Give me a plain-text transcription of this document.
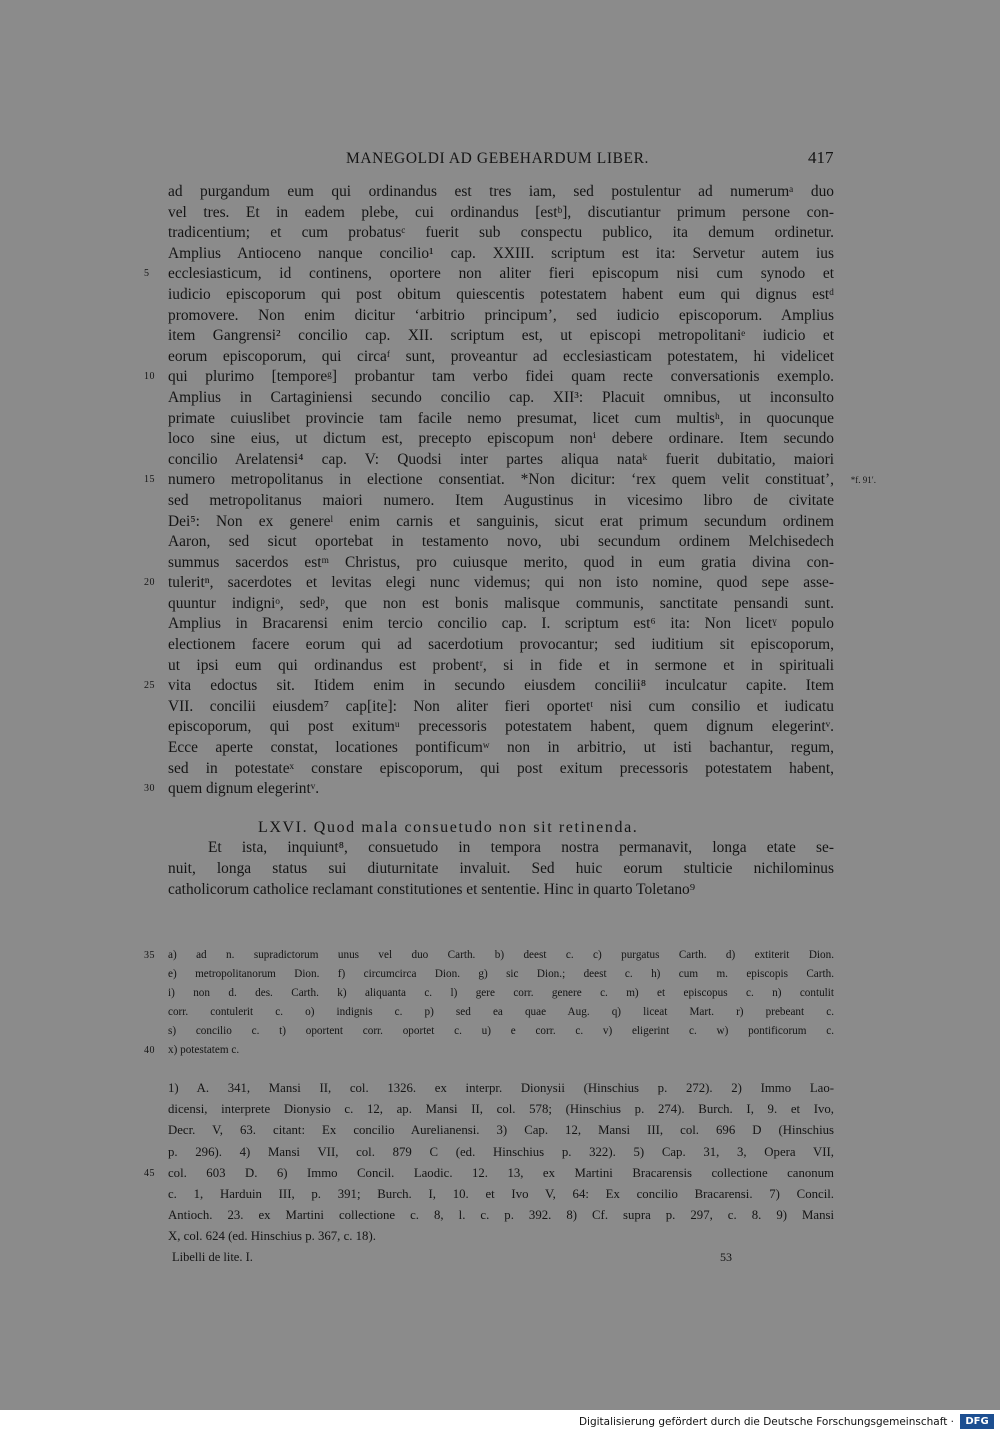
MANEGOLDI AD GEBEHARDUM LIBER.	417
ad purgandum eum qui ordinandus est tres iam, sed postulentur ad numerumᵃ duo
vel tres. Et in eadem plebe, cui ordinandus [estᵇ], discutiantur primum persone con-
tradicentium; et cum probatusᶜ fuerit sub conspectu publico, ita demum ordinetur.
Amplius Antioceno nanque concilio¹ cap. XXIII. scriptum est ita: Servetur autem ius
5 ecclesiasticum, id continens, oportere non aliter fieri episcopum nisi cum synodo et
iudicio episcoporum qui post obitum quiescentis potestatem habent eum qui dignus estᵈ
promovere. Non enim dicitur ‘arbitrio principum’, sed iudicio episcoporum. Amplius
item Gangrensi² concilio cap. XII. scriptum est, ut episcopi metropolitaniᵉ iudicio et
eorum episcoporum, qui circaᶠ sunt, proveantur ad ecclesiasticam potestatem, hi videlicet
10 qui plurimo [temporeᵍ] probantur tam verbo fidei quam recte conversationis exemplo.
Amplius in Cartaginiensi secundo concilio cap. XII³: Placuit omnibus, ut inconsulto
primate cuiuslibet provincie tam facile nemo presumat, licet cum multisʰ, in quocunque
loco sine eius, ut dictum est, precepto episcopum nonⁱ debere ordinare. Item secundo
concilio Arelatensi⁴ cap. V: Quodsi inter partes aliqua nataᵏ fuerit dubitatio, maiori
15 numero metropolitanus in electione consentiat. *Non dicitur: ‘rex quem velit constituat’, *f. 91′.
sed metropolitanus maiori numero. Item Augustinus in vicesimo libro de civitate
Dei⁵: Non ex genereˡ enim carnis et sanguinis, sicut erat primum secundum ordinem
Aaron, sed sicut oportebat in testamento novo, ubi secundum ordinem Melchisedech
summus sacerdos estᵐ Christus, pro cuiusque merito, quod in eum gratia divina con-
20 tuleritⁿ, sacerdotes et levitas elegi nunc videmus; qui non isto nomine, quod sepe asse-
quuntur indigniᵒ, sedᵖ, que non est bonis malisque communis, sanctitate pensandi sunt.
Amplius in Bracarensi enim tercio concilio cap. I. scriptum est⁶ ita: Non licetˠ populo
electionem facere eorum qui ad sacerdotium provocantur; sed iuditium sit episcoporum,
ut ipsi eum qui ordinandus est probentʳ, si in fide et in sermone et in spirituali
25 vita edoctus sit. Itidem enim in secundo eiusdem concilii⁸ inculcatur capite. Item
VII. concilii eiusdem⁷ cap[ite]: Non aliter fieri oportetᵗ nisi cum consilio et iudicatu
episcoporum, qui post exitumᵘ precessoris potestatem habent, quem dignum elegerintᵛ.
Ecce aperte constat, locationes pontificumʷ non in arbitrio, ut isti bachantur, regum,
sed in potestateˣ constare episcoporum, qui post exitum precessoris potestatem habent,
30 quem dignum elegerintᵛ.
LXVI. Quod mala consuetudo non sit retinenda.
Et ista, inquiunt⁸, consuetudo in tempora nostra permanavit, longa etate se-
nuit, longa status sui diuturnitate invaluit. Sed huic eorum stulticie nichilominus
catholicorum catholice reclamant constitutiones et sententie. Hinc in quarto Toletano⁹
35 a) ad n. supradictorum unus vel duo Carth. b) deest c. c) purgatus Carth. d) extiterit Dion.
e) metropolitanorum Dion. f) circumcirca Dion. g) sic Dion.; deest c. h) cum m. episcopis Carth.
i) non d. des. Carth. k) aliquanta c. l) gere corr. genere c. m) et episcopus c. n) contulit
corr. contulerit c. o) indignis c. p) sed ea quae Aug. q) liceat Mart. r) prebeant c.
s) concilio c. t) oportent corr. oportet c. u) e corr. c. v) eligerint c. w) pontificorum c.
40 x) potestatem c.
1) A. 341, Mansi II, col. 1326. ex interpr. Dionysii (Hinschius p. 272). 2) Immo Lao-
dicensi, interprete Dionysio c. 12, ap. Mansi II, col. 578; (Hinschius p. 274). Burch. I, 9. et Ivo,
Decr. V, 63. citant: Ex concilio Aurelianensi. 3) Cap. 12, Mansi III, col. 696 D (Hinschius
p. 296). 4) Mansi VII, col. 879 C (ed. Hinschius p. 322). 5) Cap. 31, 3, Opera VII,
45 col. 603 D. 6) Immo Concil. Laodic. 12. 13, ex Martini Bracarensis collectione canonum
c. 1, Harduin III, p. 391; Burch. I, 10. et Ivo V, 64: Ex concilio Bracarensi. 7) Concil.
Antioch. 23. ex Martini collectione c. 8, l. c. p. 392. 8) Cf. supra p. 297, c. 8. 9) Mansi
X, col. 624 (ed. Hinschius p. 367, c. 18).
Libelli de lite. I.	53
Digitalisierung gefördert durch die Deutsche Forschungsgemeinschaft ·	DFG
